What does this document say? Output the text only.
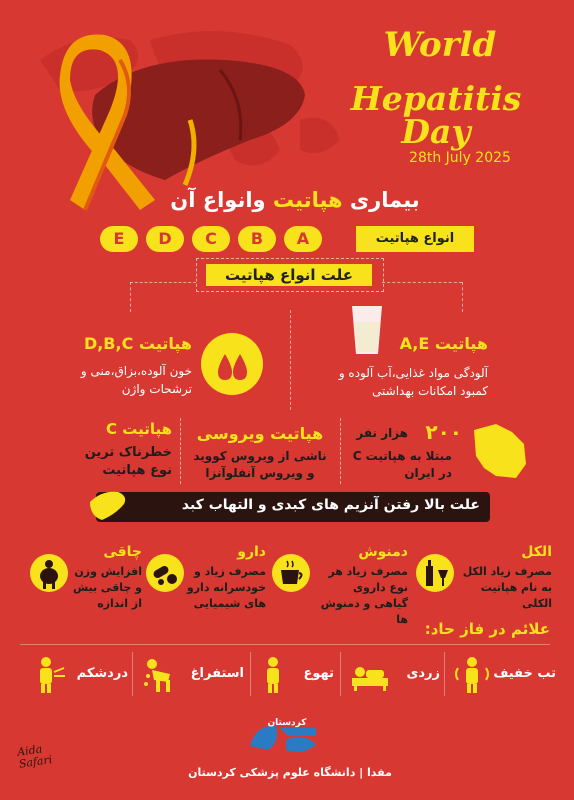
World
Hepatitis Day
28th July 2025
بیماری هپاتیت وانواع آن
E	D	C	B	A	انواع هپاتیت
علت انواع هپاتیت
هپاتیت A,E
آلودگی مواد غذایی،آب آلوده و کمبود امکانات بهداشتی
هپاتیت D,B,C
خون آلوده،بزاق،منی و ترشحات واژن
هپاتیت C
خطرناک ترین نوع هپاتیت
هپاتیت ویروسی
ناشی از ویروس کووید و ویروس آنفلوآنزا
۲۰۰
هزار نفر
مبتلا به هپاتیت C در ایران
علت بالا رفتن آنزیم های کبدی و التهاب کبد
الکل
مصرف زیاد الکل به نام هپاتیت الکلی
دمنوش
مصرف زیاد هر نوع داروی گیاهی و دمنوش ها
دارو
مصرف زیاد و خودسرانه دارو های شیمیایی
چاقی
افزایش وزن و چاقی بیش از اندازه
علائم در فاز حاد:
تب خفیف
زردی
تهوع
استفراغ
دردشکم
کردستان
مفدا | دانشگاه علوم پزشکی کردستان
Aida Safari
